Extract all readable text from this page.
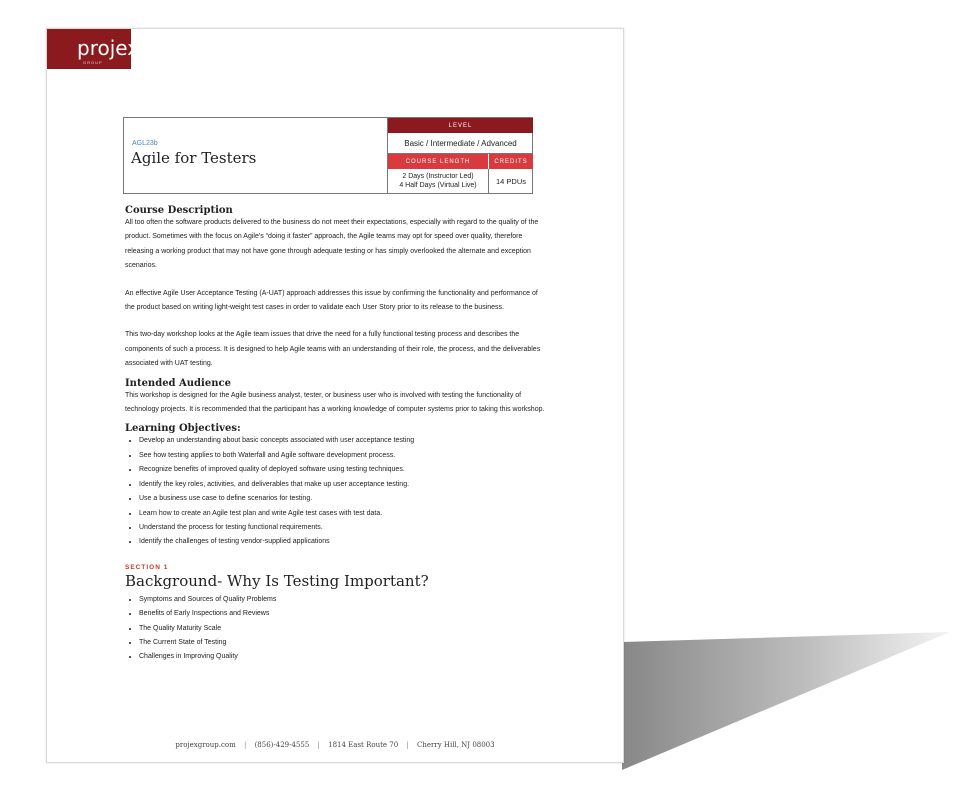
projex
GROUP
AGL23b
Agile for Testers
LEVEL
Basic / Intermediate / Advanced
COURSE LENGTH	CREDITS
2 Days (Instructor Led)
4 Half Days (Virtual Live)	14 PDUs
Course Description

All too often the software products delivered to the business do not meet their expectations, especially with regard to the quality of the product. Sometimes with the focus on Agile’s “doing it faster” approach, the Agile teams may opt for speed over quality, therefore releasing a working product that may not have gone through adequate testing or has simply overlooked the alternate and exception scenarios.

An effective Agile User Acceptance Testing (A-UAT) approach addresses this issue by confirming the functionality and performance of the product based on writing light-weight test cases in order to validate each User Story prior to its release to the business.

This two-day workshop looks at the Agile team issues that drive the need for a fully functional testing process and describes the components of such a process. It is designed to help Agile teams with an understanding of their role, the process, and the deliverables associated with UAT testing.

Intended Audience

This workshop is designed for the Agile business analyst, tester, or business user who is involved with testing the functionality of technology projects. It is recommended that the participant has a working knowledge of computer systems prior to taking this workshop.

Learning Objectives:
• Develop an understanding about basic concepts associated with user acceptance testing
• See how testing applies to both Waterfall and Agile software development process.
• Recognize benefits of improved quality of deployed software using testing techniques.
• Identify the key roles, activities, and deliverables that make up user acceptance testing.
• Use a business use case to define scenarios for testing.
• Learn how to create an Agile test plan and write Agile test cases with test data.
• Understand the process for testing functional requirements.
• Identify the challenges of testing vendor-supplied applications
SECTION 1
Background- Why Is Testing Important?
• Symptoms and Sources of Quality Problems
• Benefits of Early Inspections and Reviews
• The Quality Maturity Scale
• The Current State of Testing
• Challenges in Improving Quality
projexgroup.com | (856)-429-4555 | 1814 East Route 70 | Cherry Hill, NJ 08003
